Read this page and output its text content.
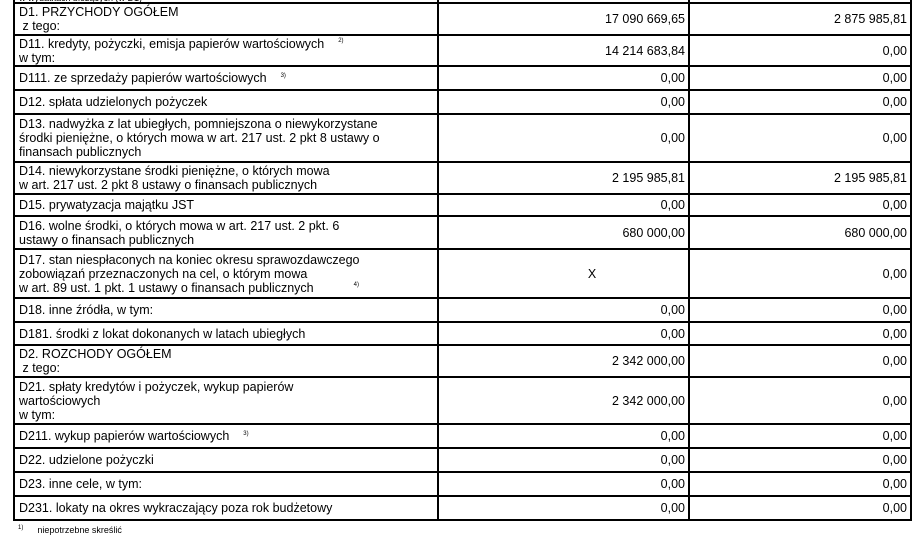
D1. PRZYCHODY OGÓŁEM
z tego:	17 090 669,65	2 875 985,81

D11. kredyty, pożyczki, emisja papierów wartościowych $^{2)}$
w tym:	14 214 683,84	0,00
D111. ze sprzedaży papierów wartościowych $^{3)}$	0,00	0,00
D12. spłata udzielonych pożyczek	0,00	0,00

D13. nadwyżka z lat ubiegłych, pomniejszona o niewykorzystane
środki pieniężne, o których mowa w art. 217 ust. 2 pkt 8 ustawy o
finansach publicznych	0,00	0,00

D14. niewykorzystane środki pieniężne, o których mowa
w art. 217 ust. 2 pkt 8 ustawy o finansach publicznych	2 195 985,81	2 195 985,81
D15. prywatyzacja majątku JST	0,00	0,00

D16. wolne środki, o których mowa w art. 217 ust. 2 pkt. 6
ustawy o finansach publicznych	680 000,00	680 000,00

D17. stan niespłaconych na koniec okresu sprawozdawczego
zobowiązań przeznaczonych na cel, o którym mowa
w art. 89 ust. 1 pkt. 1 ustawy o finansach publicznych $^{4)}$	X	0,00
D18. inne źródła, w tym:	0,00	0,00
D181. środki z lokat dokonanych w latach ubiegłych	0,00	0,00

D2. ROZCHODY OGÓŁEM
z tego:	2 342 000,00	0,00

D21. spłaty kredytów i pożyczek, wykup papierów
wartościowych
w tym:	2 342 000,00	0,00
D211. wykup papierów wartościowych $^{3)}$	0,00	0,00
D22. udzielone pożyczki	0,00	0,00
D23. inne cele, w tym:	0,00	0,00
D231. lokaty na okres wykraczający poza rok budżetowy	0,00	0,00
$^{1)}$ niepotrzebne skreślić
